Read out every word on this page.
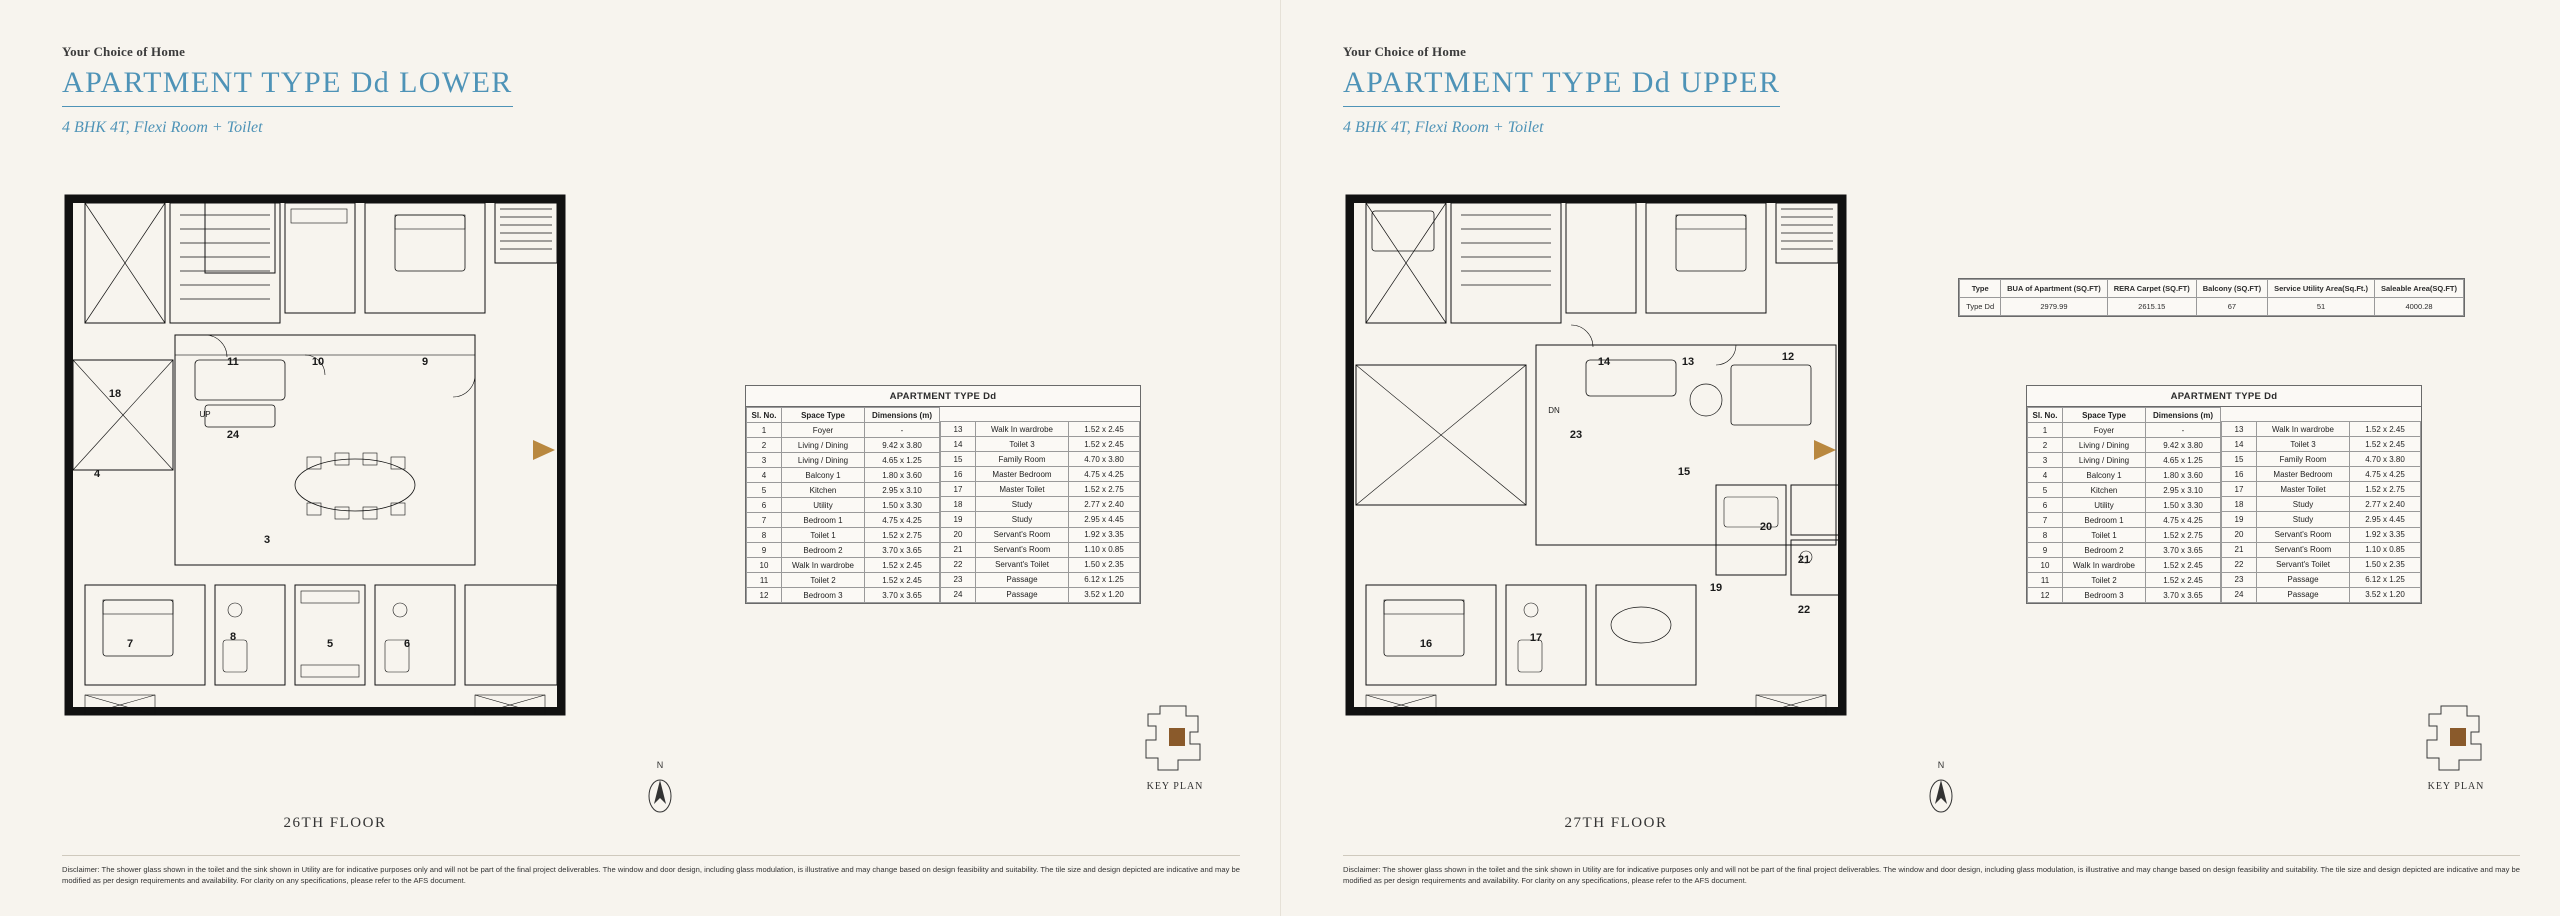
Your Choice of Home
APARTMENT TYPE Dd LOWER
4 BHK 4T, Flexi Room + Toilet
18
11	10	9
24
4
3
7
8
5	6
UP
26TH FLOOR
N
APARTMENT TYPE Dd
Sl. No.	Space Type	Dimensions (m)
1	Foyer	-
2	Living / Dining	9.42 x 3.80
3	Living / Dining	4.65 x 1.25
4	Balcony 1	1.80 x 3.60
5	Kitchen	2.95 x 3.10
6	Utility	1.50 x 3.30
7	Bedroom 1	4.75 x 4.25
8	Toilet 1	1.52 x 2.75
9	Bedroom 2	3.70 x 3.65
10	Walk In wardrobe	1.52 x 2.45
11	Toilet 2	1.52 x 2.45
12	Bedroom 3	3.70 x 3.65

13	Walk In wardrobe	1.52 x 2.45
14	Toilet 3	1.52 x 2.45
15	Family Room	4.70 x 3.80
16	Master Bedroom	4.75 x 4.25
17	Master Toilet	1.52 x 2.75
18	Study	2.77 x 2.40
19	Study	2.95 x 4.45
20	Servant's Room	1.92 x 3.35
21	Servant's Room	1.10 x 0.85
22	Servant's Toilet	1.50 x 2.35
23	Passage	6.12 x 1.25
24	Passage	3.52 x 1.20
KEY PLAN
Disclaimer: The shower glass shown in the toilet and the sink shown in Utility are for indicative purposes only and will not be part of the final project deliverables. The window and door design, including glass modulation, is illustrative and may change based on design feasibility and suitability. The tile size and design depicted are indicative and may be modified as per design requirements and availability. For clarity on any specifications, please refer to the AFS document.
Your Choice of Home
APARTMENT TYPE Dd UPPER
4 BHK 4T, Flexi Room + Toilet
14	13	12
23
15
20
21
22
19
16	17
DN
27TH FLOOR
N
Type	BUA of Apartment (SQ.FT)	RERA Carpet (SQ.FT)	Balcony (SQ.FT)	Service Utility Area(Sq.Ft.)	Saleable Area(SQ.FT)
Type Dd	2979.99	2615.15	67	51	4000.28
APARTMENT TYPE Dd
Sl. No.	Space Type	Dimensions (m)
1	Foyer	-
2	Living / Dining	9.42 x 3.80
3	Living / Dining	4.65 x 1.25
4	Balcony 1	1.80 x 3.60
5	Kitchen	2.95 x 3.10
6	Utility	1.50 x 3.30
7	Bedroom 1	4.75 x 4.25
8	Toilet 1	1.52 x 2.75
9	Bedroom 2	3.70 x 3.65
10	Walk In wardrobe	1.52 x 2.45
11	Toilet 2	1.52 x 2.45
12	Bedroom 3	3.70 x 3.65

13	Walk In wardrobe	1.52 x 2.45
14	Toilet 3	1.52 x 2.45
15	Family Room	4.70 x 3.80
16	Master Bedroom	4.75 x 4.25
17	Master Toilet	1.52 x 2.75
18	Study	2.77 x 2.40
19	Study	2.95 x 4.45
20	Servant's Room	1.92 x 3.35
21	Servant's Room	1.10 x 0.85
22	Servant's Toilet	1.50 x 2.35
23	Passage	6.12 x 1.25
24	Passage	3.52 x 1.20
KEY PLAN
Disclaimer: The shower glass shown in the toilet and the sink shown in Utility are for indicative purposes only and will not be part of the final project deliverables. The window and door design, including glass modulation, is illustrative and may change based on design feasibility and suitability. The tile size and design depicted are indicative and may be modified as per design requirements and availability. For clarity on any specifications, please refer to the AFS document.
